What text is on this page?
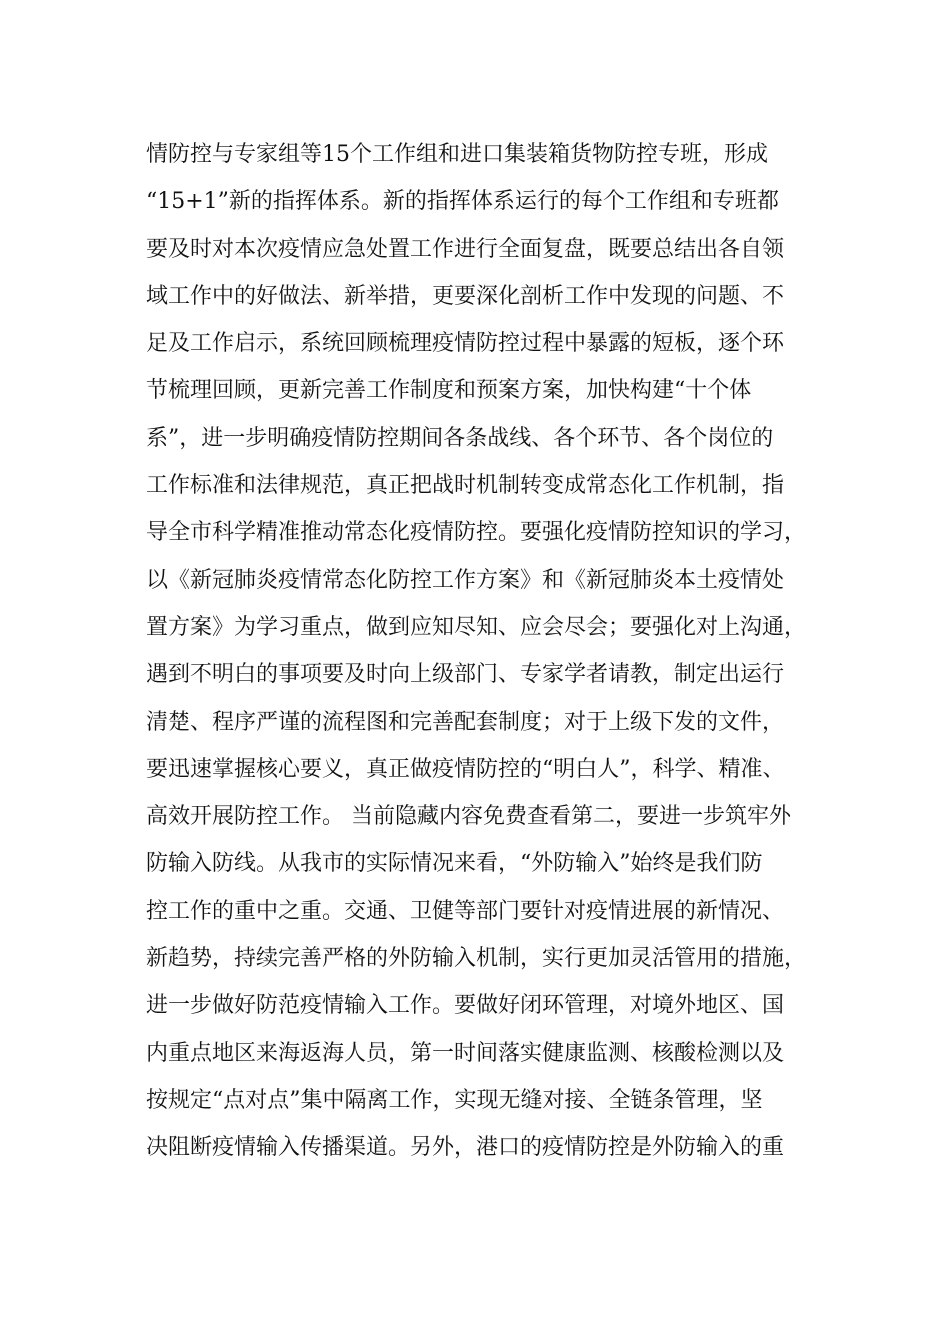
情防控与专家组等15个工作组和进口集装箱货物防控专班，形成
“15+1”新的指挥体系。新的指挥体系运行的每个工作组和专班都
要及时对本次疫情应急处置工作进行全面复盘，既要总结出各自领
域工作中的好做法、新举措，更要深化剖析工作中发现的问题、不
足及工作启示，系统回顾梳理疫情防控过程中暴露的短板，逐个环
节梳理回顾，更新完善工作制度和预案方案，加快构建“十个体
系”，进一步明确疫情防控期间各条战线、各个环节、各个岗位的
工作标准和法律规范，真正把战时机制转变成常态化工作机制，指
导全市科学精准推动常态化疫情防控。要强化疫情防控知识的学习，
以《新冠肺炎疫情常态化防控工作方案》和《新冠肺炎本土疫情处
置方案》为学习重点，做到应知尽知、应会尽会；要强化对上沟通，
遇到不明白的事项要及时向上级部门、专家学者请教，制定出运行
清楚、程序严谨的流程图和完善配套制度；对于上级下发的文件，
要迅速掌握核心要义，真正做疫情防控的“明白人”，科学、精准、
高效开展防控工作。 当前隐藏内容免费查看第二，要进一步筑牢外
防输入防线。从我市的实际情况来看，“外防输入”始终是我们防
控工作的重中之重。交通、卫健等部门要针对疫情进展的新情况、
新趋势，持续完善严格的外防输入机制，实行更加灵活管用的措施，
进一步做好防范疫情输入工作。要做好闭环管理，对境外地区、国
内重点地区来海返海人员，第一时间落实健康监测、核酸检测以及
按规定“点对点”集中隔离工作，实现无缝对接、全链条管理，坚
决阻断疫情输入传播渠道。另外，港口的疫情防控是外防输入的重
